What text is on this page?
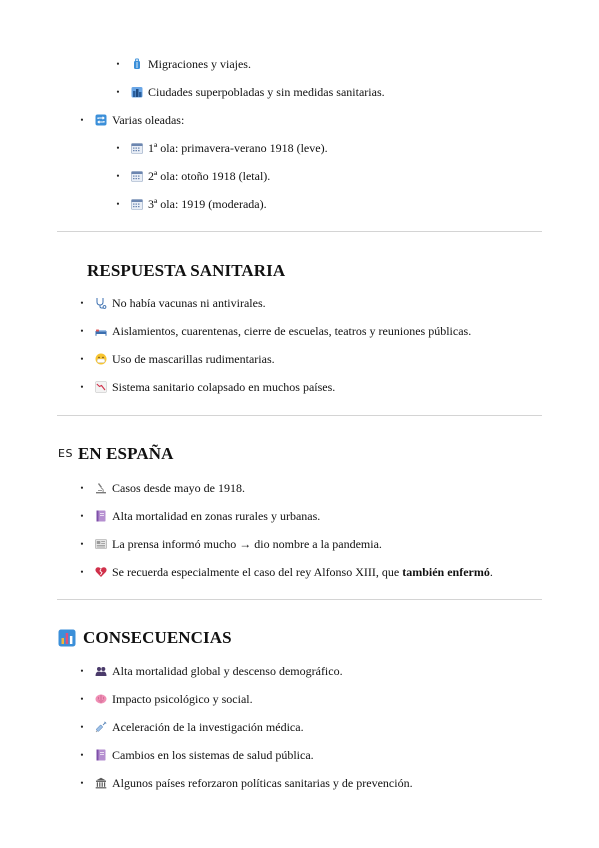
• Migraciones y viajes.
• Ciudades superpobladas y sin medidas sanitarias.
• Varias oleadas:
• 1ª ola: primavera-verano 1918 (leve).
• 2ª ola: otoño 1918 (letal).
• 3ª ola: 1919 (moderada).
RESPUESTA SANITARIA
• No había vacunas ni antivirales.
• Aislamientos, cuarentenas, cierre de escuelas, teatros y reuniones públicas.
• Uso de mascarillas rudimentarias.
• Sistema sanitario colapsado en muchos países.
ES EN ESPAÑA
• Casos desde mayo de 1918.
• Alta mortalidad en zonas rurales y urbanas.
• La prensa informó mucho → dio nombre a la pandemia.
• Se recuerda especialmente el caso del rey Alfonso XIII, que también enfermó .
CONSECUENCIAS
• Alta mortalidad global y descenso demográfico.
• Impacto psicológico y social.
• Aceleración de la investigación médica.
• Cambios en los sistemas de salud pública.
• Algunos países reforzaron políticas sanitarias y de prevención.
